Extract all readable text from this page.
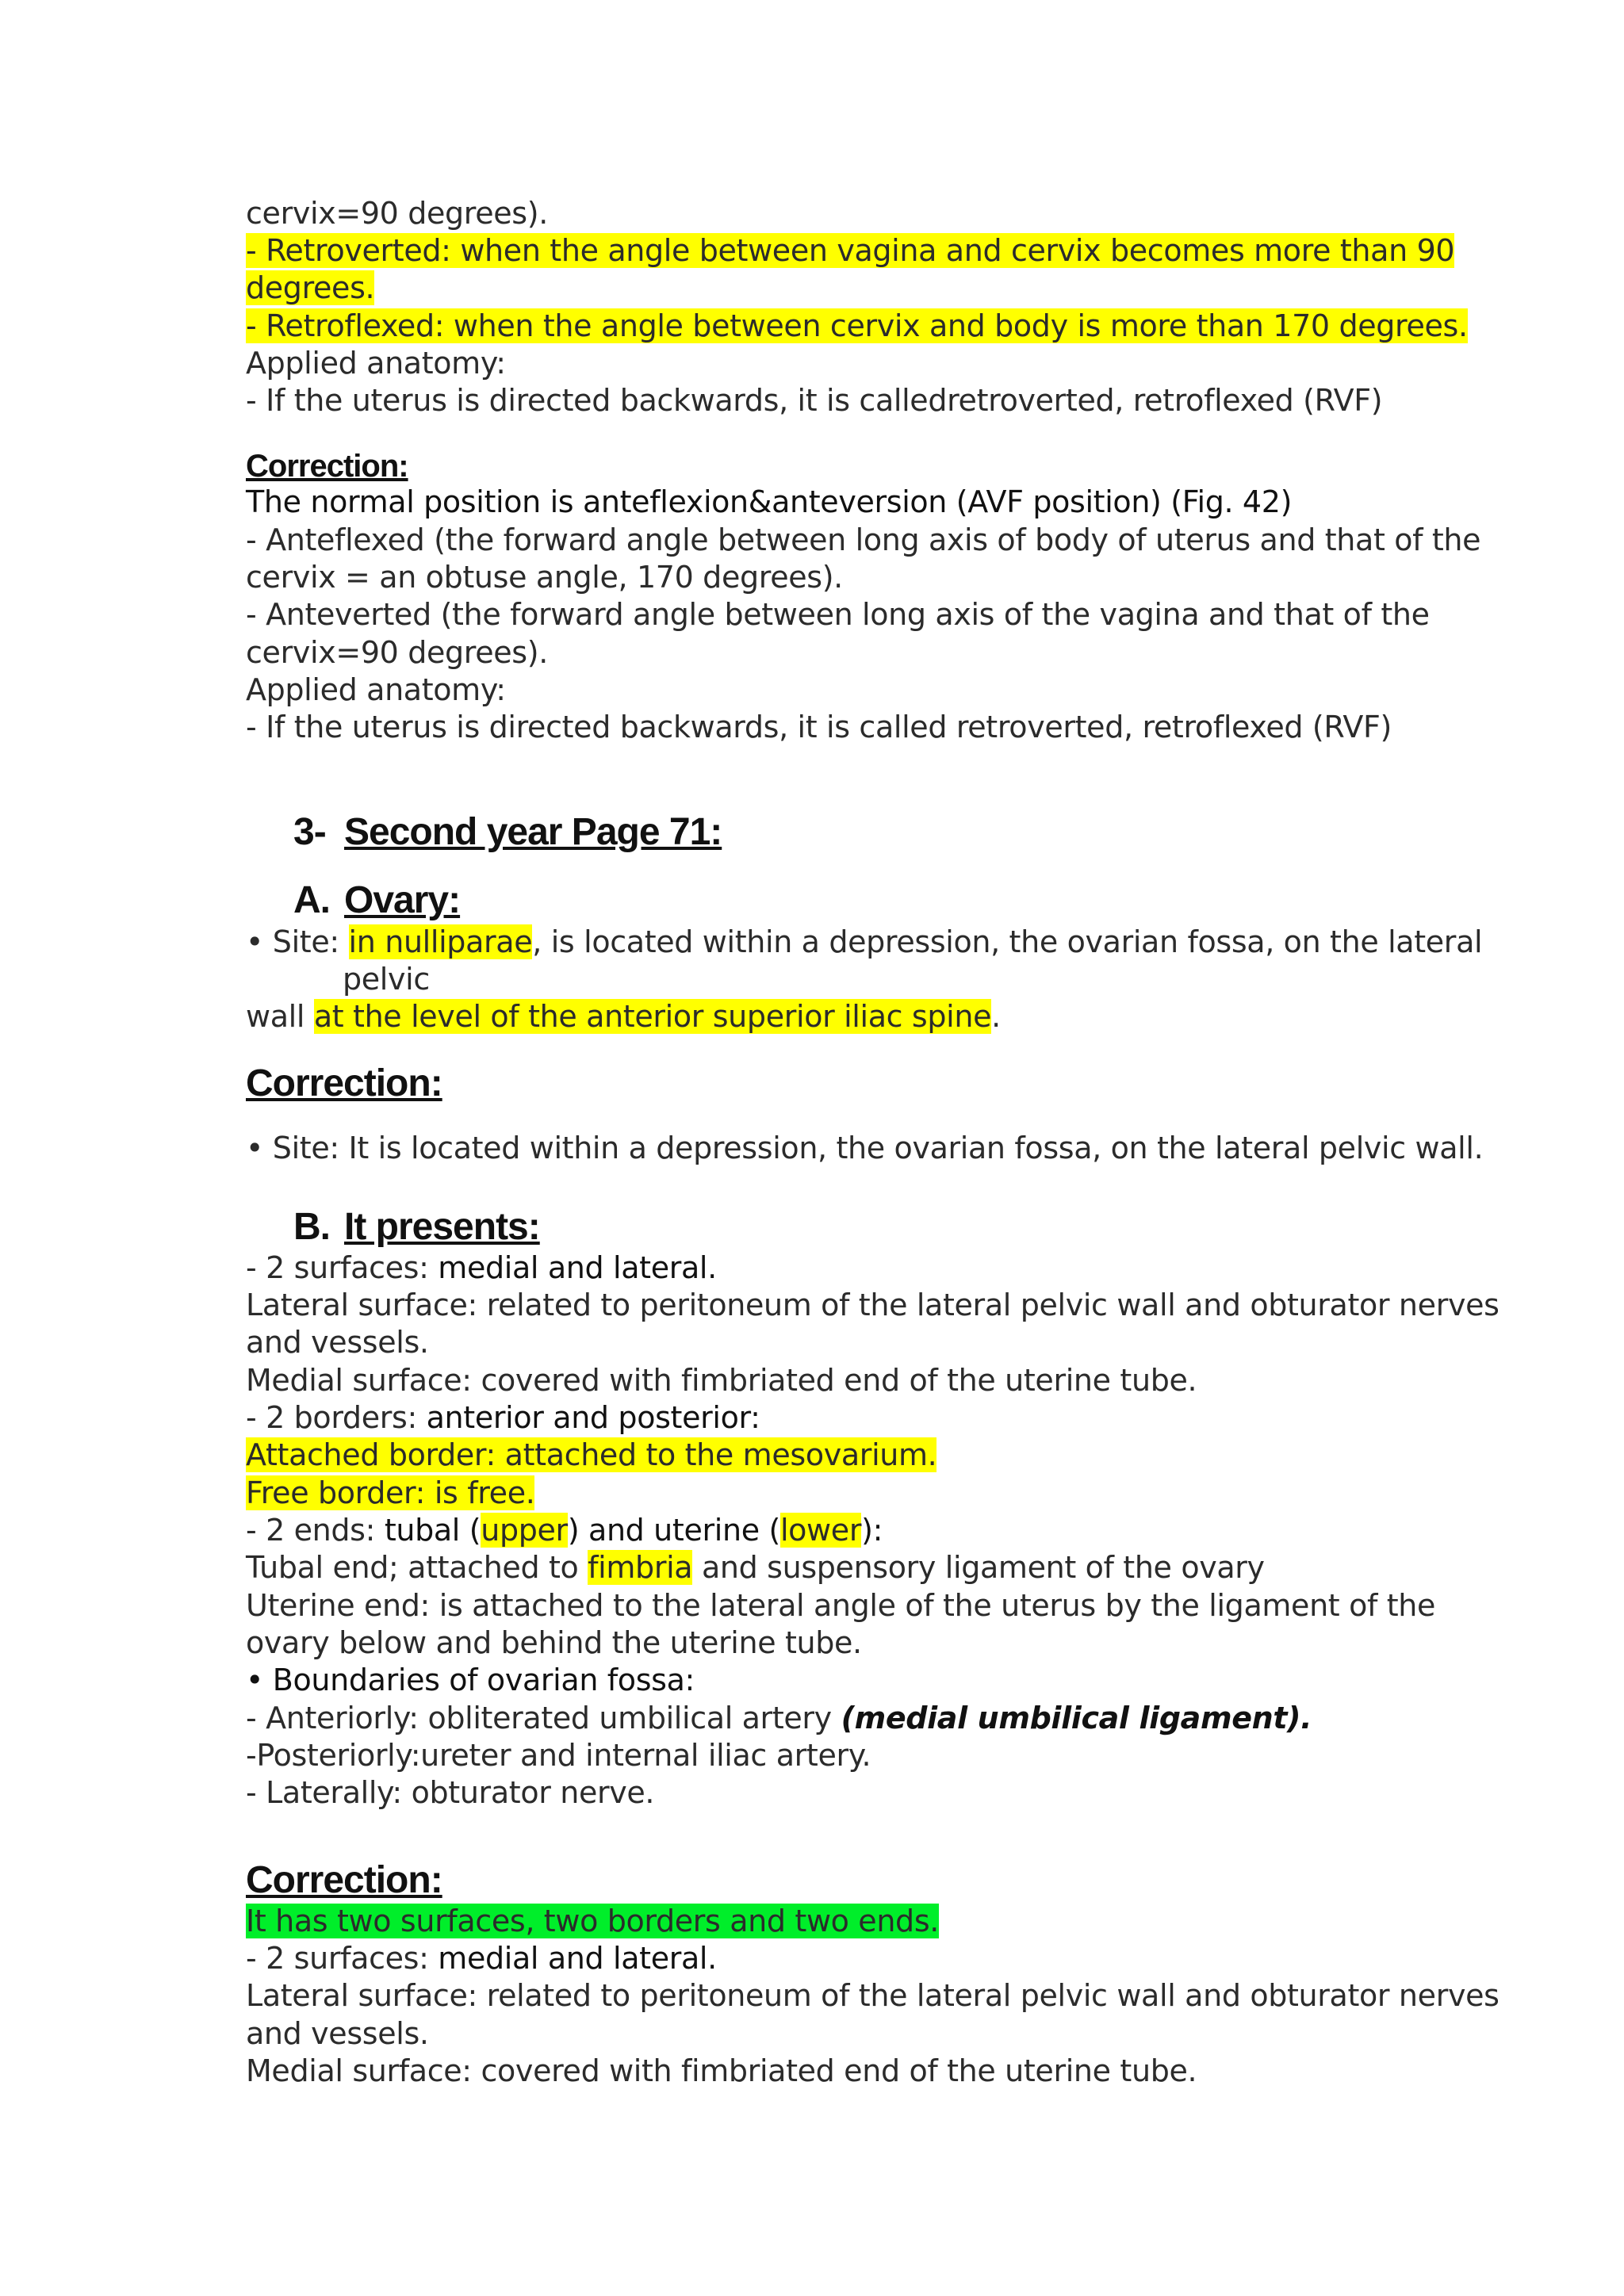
cervix=90 degrees).
- Retroverted: when the angle between vagina and cervix becomes more than 90
degrees.
- Retroflexed: when the angle between cervix and body is more than 170 degrees.
Applied anatomy:
- If the uterus is directed backwards, it is calledretroverted, retroflexed (RVF)
Correction:
The normal position is anteflexion&anteversion (AVF position) (Fig. 42)
- Anteflexed (the forward angle between long axis of body of uterus and that of the
cervix = an obtuse angle, 170 degrees).
- Anteverted (the forward angle between long axis of the vagina and that of the
cervix=90 degrees).
Applied anatomy:
- If the uterus is directed backwards, it is called retroverted, retroflexed (RVF)
3- Second year Page 71:
A. Ovary:
• Site: in nulliparae, is located within a depression, the ovarian fossa, on the lateral
pelvic
wall at the level of the anterior superior iliac spine.
Correction:
• Site: It is located within a depression, the ovarian fossa, on the lateral pelvic wall.
B. It presents:
- 2 surfaces: medial and lateral.
Lateral surface: related to peritoneum of the lateral pelvic wall and obturator nerves
and vessels.
Medial surface: covered with fimbriated end of the uterine tube.
- 2 borders: anterior and posterior:
Attached border: attached to the mesovarium.
Free border: is free.
- 2 ends: tubal (upper) and uterine (lower):
Tubal end; attached to fimbria and suspensory ligament of the ovary
Uterine end: is attached to the lateral angle of the uterus by the ligament of the
ovary below and behind the uterine tube.
• Boundaries of ovarian fossa:
- Anteriorly: obliterated umbilical artery (medial umbilical ligament).
-Posteriorly:ureter and internal iliac artery.
- Laterally: obturator nerve.
Correction:
It has two surfaces, two borders and two ends.
- 2 surfaces: medial and lateral.
Lateral surface: related to peritoneum of the lateral pelvic wall and obturator nerves
and vessels.
Medial surface: covered with fimbriated end of the uterine tube.
